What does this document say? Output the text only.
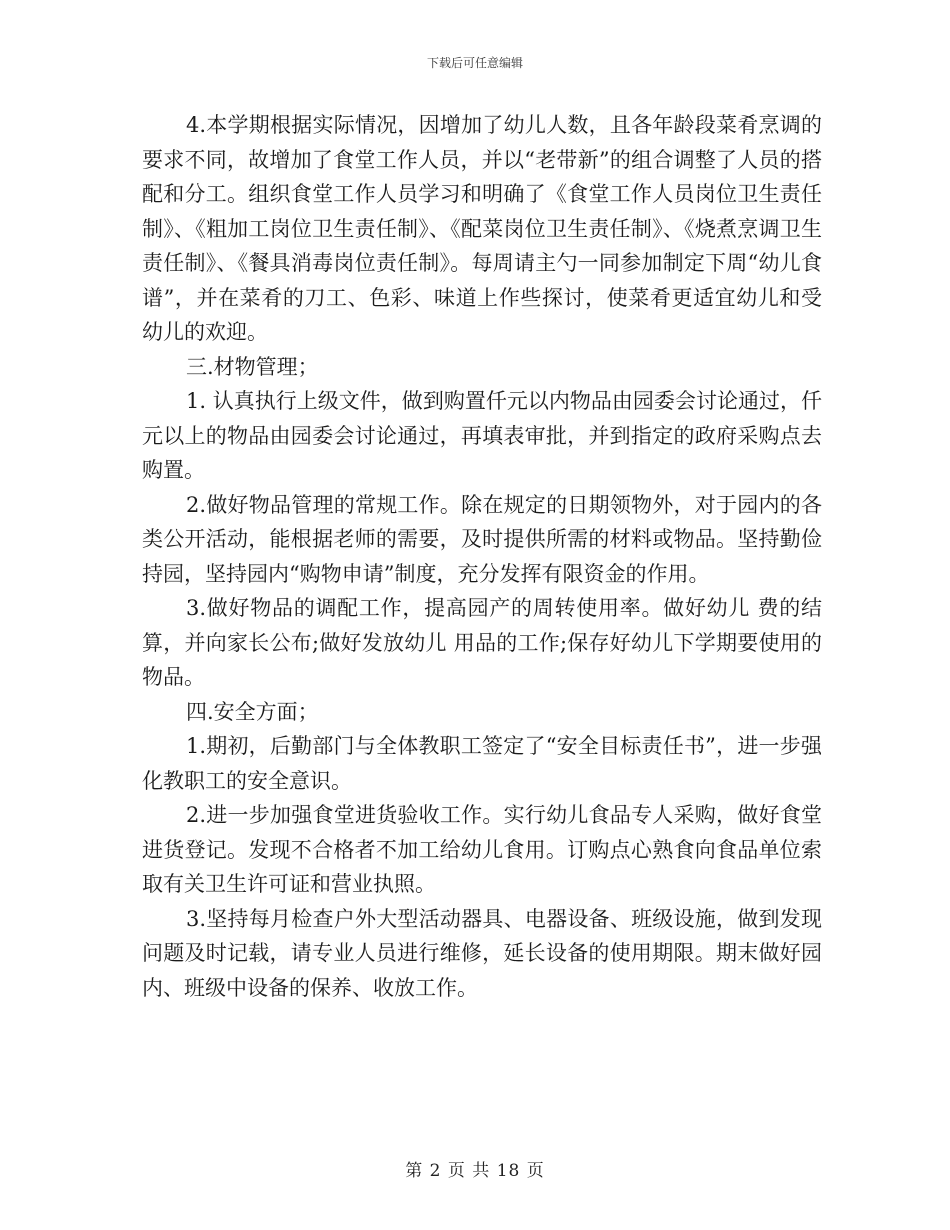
下载后可任意编辑

4.本学期根据实际情况，因增加了幼儿人数，且各年龄段菜肴烹调的要求不同，故增加了食堂工作人员，并以“老带新”的组合调整了人员的搭配和分工。组织食堂工作人员学习和明确了《食堂工作人员岗位卫生责任制》、《粗加工岗位卫生责任制》、《配菜岗位卫生责任制》、《烧煮烹调卫生责任制》、《餐具消毒岗位责任制》。每周请主勺一同参加制定下周“幼儿食谱”，并在菜肴的刀工、色彩、味道上作些探讨，使菜肴更适宜幼儿和受幼儿的欢迎。

三.材物管理；

1. 认真执行上级文件，做到购置仟元以内物品由园委会讨论通过，仟元以上的物品由园委会讨论通过，再填表审批，并到指定的政府采购点去购置。

2.做好物品管理的常规工作。除在规定的日期领物外，对于园内的各类公开活动，能根据老师的需要，及时提供所需的材料或物品。坚持勤俭持园，坚持园内“购物申请”制度，充分发挥有限资金的作用。

3.做好物品的调配工作，提高园产的周转使用率。做好幼儿 费的结算，并向家长公布;做好发放幼儿 用品的工作;保存好幼儿下学期要使用的物品。

四.安全方面；

1.期初，后勤部门与全体教职工签定了“安全目标责任书”，进一步强化教职工的安全意识。

2.进一步加强食堂进货验收工作。实行幼儿食品专人采购，做好食堂进货登记。发现不合格者不加工给幼儿食用。订购点心熟食向食品单位索取有关卫生许可证和营业执照。

3.坚持每月检查户外大型活动器具、电器设备、班级设施，做到发现问题及时记载，请专业人员进行维修，延长设备的使用期限。期末做好园内、班级中设备的保养、收放工作。

第 2 页 共 18 页
